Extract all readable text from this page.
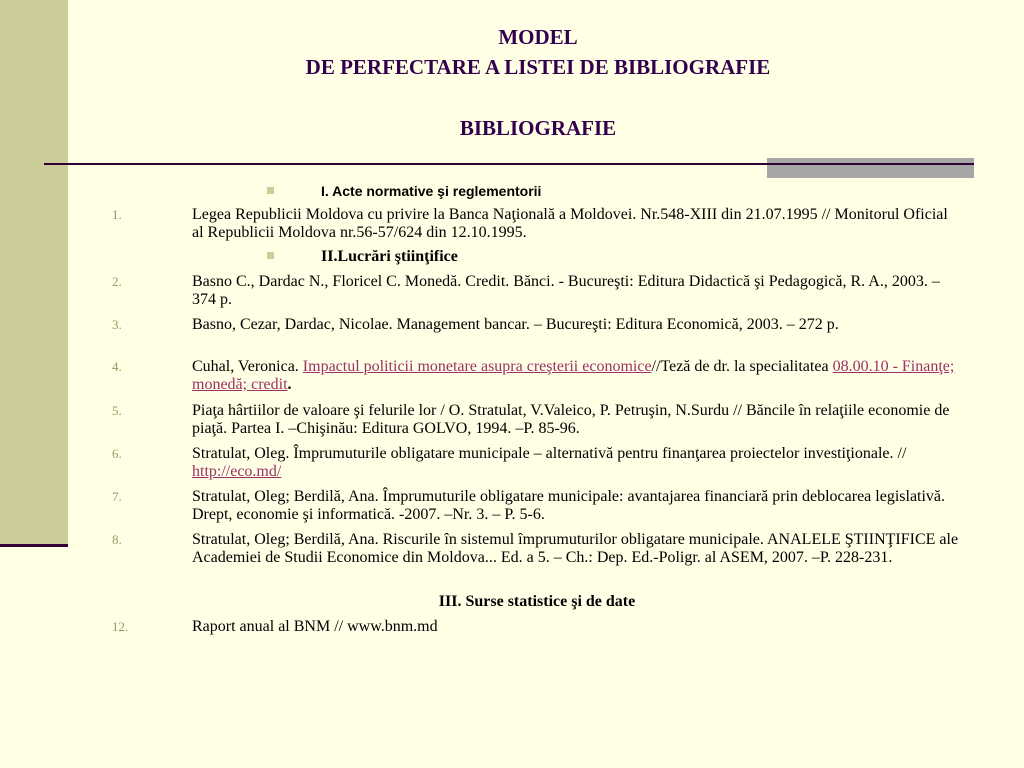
MODEL
DE PERFECTARE A LISTEI DE BIBLIOGRAFIE
BIBLIOGRAFIE
I. Acte normative şi reglementorii
1.	Legea Republicii Moldova cu privire la Banca Naţională a Moldovei. Nr.548-XIII din 21.07.1995 // Monitorul Oficial al Republicii Moldova nr.56-57/624 din 12.10.1995.
II.Lucrări ştiinţifice
2.	Basno C., Dardac N., Floricel C. Monedă. Credit. Bănci. - Bucureşti: Editura Didactică şi Pedagogică, R. A., 2003. – 374 p.
3.	Basno, Cezar, Dardac, Nicolae. Management bancar. – Bucureşti: Editura Economică, 2003. – 272 p.
4.	Cuhal, Veronica. Impactul politicii monetare asupra creşterii economice//Teză de dr. la specialitatea 08.00.10 - Finanţe; monedă; credit.
5.	Piaţa hârtiilor de valoare şi felurile lor / O. Stratulat, V.Valeico, P. Petruşin, N.Surdu // Băncile în relaţiile economie de piaţă. Partea I. –Chişinău: Editura GOLVO, 1994. –P. 85-96.
6.	Stratulat, Oleg. Împrumuturile obligatare municipale – alternativă pentru finanţarea proiectelor investiţionale. // http://eco.md/
7.	Stratulat, Oleg; Berdilă, Ana. Împrumuturile obligatare municipale: avantajarea financiară prin deblocarea legislativă. Drept, economie şi informatică. -2007. –Nr. 3. – P. 5-6.
8.	Stratulat, Oleg; Berdilă, Ana. Riscurile în sistemul împrumuturilor obligatare municipale. ANALELE ŞTIINŢIFICE ale Academiei de Studii Economice din Moldova... Ed. a 5. – Ch.: Dep. Ed.-Poligr. al ASEM, 2007. –P. 228-231.
III. Surse statistice şi de date
12.	Raport anual al BNM // www.bnm.md
